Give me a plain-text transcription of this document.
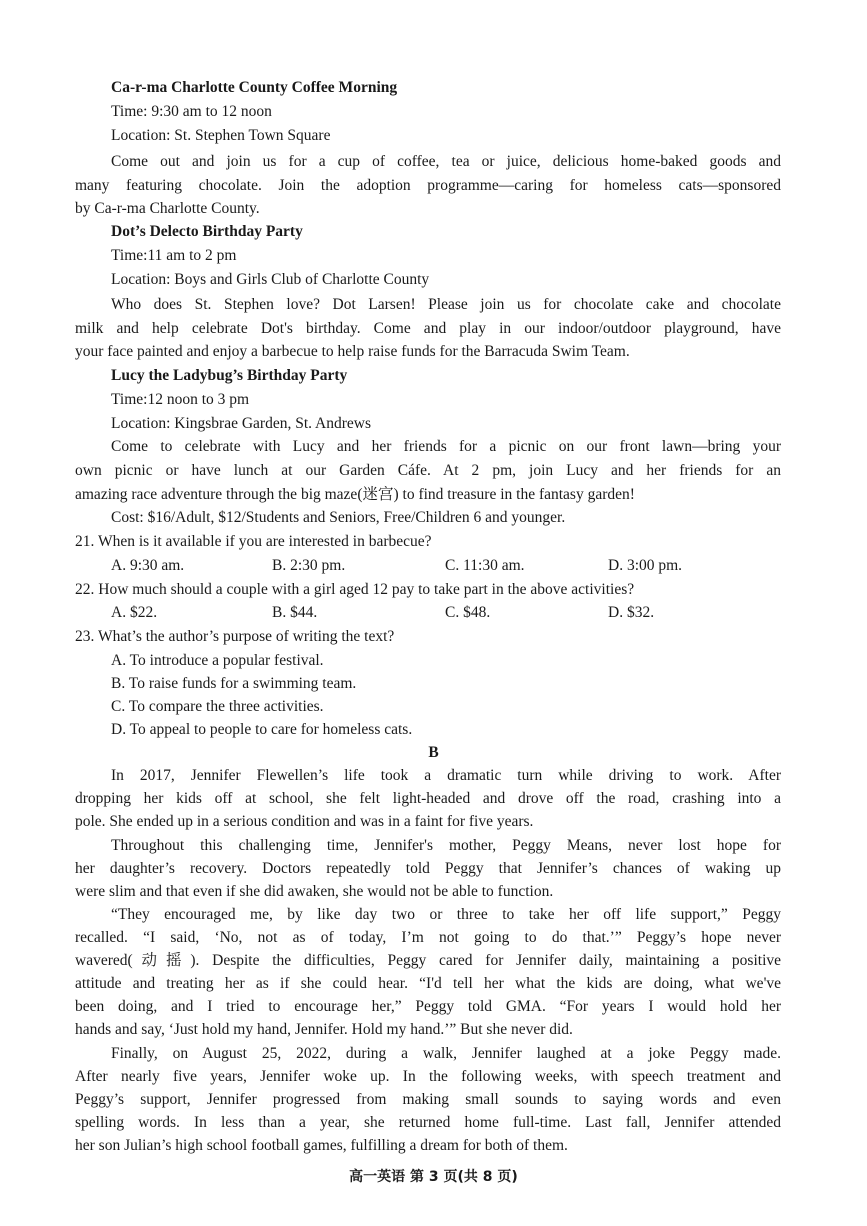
Ca-r-ma Charlotte County Coffee Morning
Time: 9:30 am to 12 noon
Location: St. Stephen Town Square
Come out and join us for a cup of coffee, tea or juice, delicious home-baked goods and
many featuring chocolate. Join the adoption programme—caring for homeless cats—sponsored
by Ca-r-ma Charlotte County.
Dot’s Delecto Birthday Party
Time:11 am to 2 pm
Location: Boys and Girls Club of Charlotte County
Who does St. Stephen love? Dot Larsen! Please join us for chocolate cake and chocolate
milk and help celebrate Dot's birthday. Come and play in our indoor/outdoor playground, have
your face painted and enjoy a barbecue to help raise funds for the Barracuda Swim Team.
Lucy the Ladybug’s Birthday Party
Time:12 noon to 3 pm
Location: Kingsbrae Garden, St. Andrews
Come to celebrate with Lucy and her friends for a picnic on our front lawn—bring your
own picnic or have lunch at our Garden Cáfe. At 2 pm, join Lucy and her friends for an
amazing race adventure through the big maze(迷宫) to find treasure in the fantasy garden!
Cost: $16/Adult, $12/Students and Seniors, Free/Children 6 and younger.
21. When is it available if you are interested in barbecue?
A. 9:30 am.	B. 2:30 pm.	C. 11:30 am.	D. 3:00 pm.
22. How much should a couple with a girl aged 12 pay to take part in the above activities?
A. $22.	B. $44.	C. $48.	D. $32.
23. What’s the author’s purpose of writing the text?
A. To introduce a popular festival.
B. To raise funds for a swimming team.
C. To compare the three activities.
D. To appeal to people to care for homeless cats.
B
In 2017, Jennifer Flewellen’s life took a dramatic turn while driving to work. After
dropping her kids off at school, she felt light-headed and drove off the road, crashing into a
pole. She ended up in a serious condition and was in a faint for five years.
Throughout this challenging time, Jennifer's mother, Peggy Means, never lost hope for
her daughter’s recovery. Doctors repeatedly told Peggy that Jennifer’s chances of waking up
were slim and that even if she did awaken, she would not be able to function.
“They encouraged me, by like day two or three to take her off life support,” Peggy
recalled. “I said, ‘No, not as of today, I’m not going to do that.’” Peggy’s hope never
wavered(动摇). Despite the difficulties, Peggy cared for Jennifer daily, maintaining a positive
attitude and treating her as if she could hear. “I'd tell her what the kids are doing, what we've
been doing, and I tried to encourage her,” Peggy told GMA. “For years I would hold her
hands and say, ‘Just hold my hand, Jennifer. Hold my hand.’” But she never did.
Finally, on August 25, 2022, during a walk, Jennifer laughed at a joke Peggy made.
After nearly five years, Jennifer woke up. In the following weeks, with speech treatment and
Peggy’s support, Jennifer progressed from making small sounds to saying words and even
spelling words. In less than a year, she returned home full-time. Last fall, Jennifer attended
her son Julian’s high school football games, fulfilling a dream for both of them.
高一英语 第 3 页(共 8 页)
